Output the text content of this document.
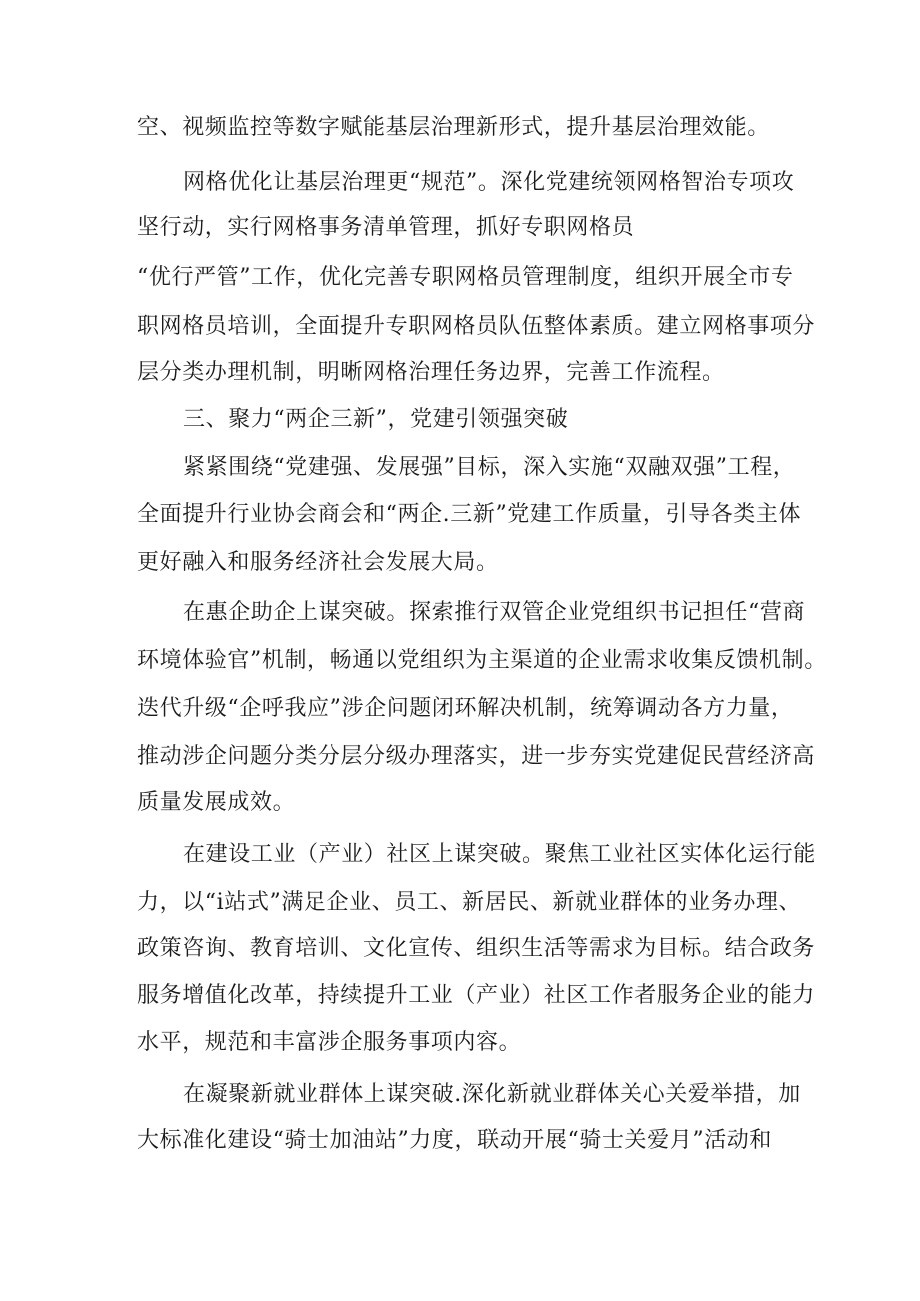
空、视频监控等数字赋能基层治理新形式，提升基层治理效能。
网格优化让基层治理更“规范”。深化党建统领网格智治专项攻
坚行动，实行网格事务清单管理，抓好专职网格员
“优行严管”工作，优化完善专职网格员管理制度，组织开展全市专
职网格员培训，全面提升专职网格员队伍整体素质。建立网格事项分
层分类办理机制，明晰网格治理任务边界，完善工作流程。
三、聚力“两企三新”，党建引领强突破
紧紧围绕“党建强、发展强”目标，深入实施“双融双强”工程，
全面提升行业协会商会和“两企.三新”党建工作质量，引导各类主体
更好融入和服务经济社会发展大局。
在惠企助企上谋突破。探索推行双管企业党组织书记担任“营商
环境体验官”机制，畅通以党组织为主渠道的企业需求收集反馈机制。
迭代升级“企呼我应”涉企问题闭环解决机制，统筹调动各方力量，
推动涉企问题分类分层分级办理落实，进一步夯实党建促民营经济高
质量发展成效。
在建设工业（产业）社区上谋突破。聚焦工业社区实体化运行能
力，以“i站式”满足企业、员工、新居民、新就业群体的业务办理、
政策咨询、教育培训、文化宣传、组织生活等需求为目标。结合政务
服务增值化改革，持续提升工业（产业）社区工作者服务企业的能力
水平，规范和丰富涉企服务事项内容。
在凝聚新就业群体上谋突破.深化新就业群体关心关爱举措，加
大标准化建设“骑士加油站”力度，联动开展“骑士关爱月”活动和
